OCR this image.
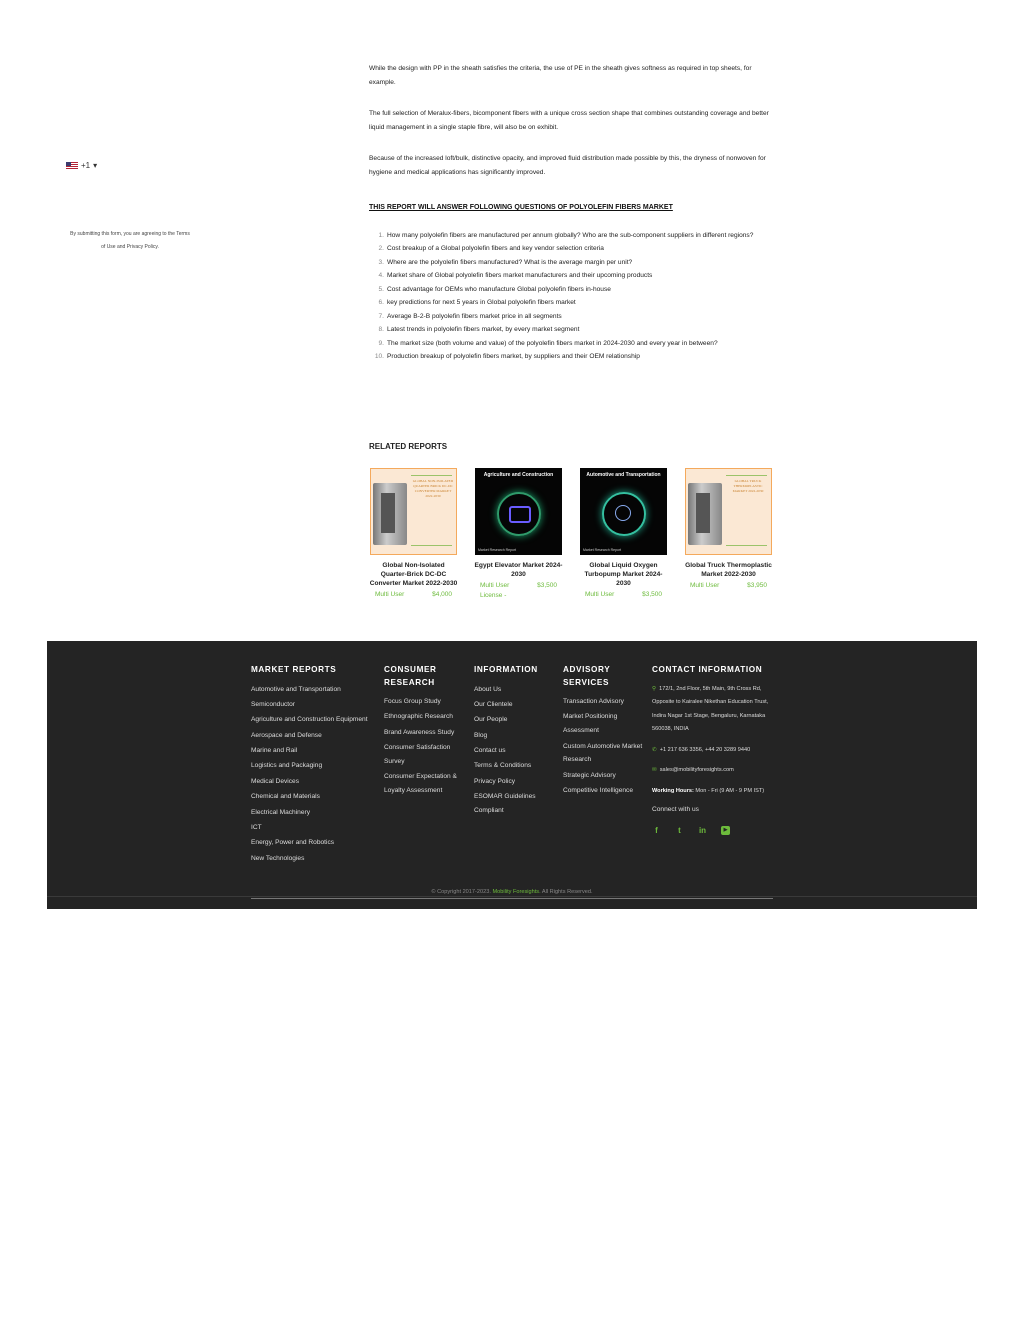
+1 ▾
By submitting this form, you are agreeing to the Terms of Use and Privacy Policy.

While the design with PP in the sheath satisfies the criteria, the use of PE in the sheath gives softness as required in top sheets, for example.

The full selection of Meralux-fibers, bicomponent fibers with a unique cross section shape that combines outstanding coverage and better liquid management in a single staple fibre, will also be on exhibit.

Because of the increased loft/bulk, distinctive opacity, and improved fluid distribution made possible by this, the dryness of nonwoven for hygiene and medical applications has significantly improved.

THIS REPORT WILL ANSWER FOLLOWING QUESTIONS OF POLYOLEFIN FIBERS MARKET
1. How many polyolefin fibers are manufactured per annum globally? Who are the sub-component suppliers in different regions?
2. Cost breakup of a Global polyolefin fibers and key vendor selection criteria
3. Where are the polyolefin fibers manufactured? What is the average margin per unit?
4. Market share of Global polyolefin fibers market manufacturers and their upcoming products
5. Cost advantage for OEMs who manufacture Global polyolefin fibers in-house
6. key predictions for next 5 years in Global polyolefin fibers market
7. Average B-2-B polyolefin fibers market price in all segments
8. Latest trends in polyolefin fibers market, by every market segment
9. The market size (both volume and value) of the polyolefin fibers market in 2024-2030 and every year in between?
10. Production breakup of polyolefin fibers market, by suppliers and their OEM relationship
RELATED REPORTS
GLOBAL NON-ISOLATED QUARTER BRICK DC-DC CONVERTER MARKET 2022-2030
Global Non-Isolated Quarter-Brick DC-DC Converter Market 2022-2030
Multi User	$4,000
Agriculture and Construction
Market Research Report
Egypt Elevator Market 2024-2030
Multi User	$3,500
License -
Automotive and Transportation
Market Research Report
Global Liquid Oxygen Turbopump Market 2024-2030
Multi User	$3,500
GLOBAL TRUCK THERMOPLASTIC MARKET 2022-2030
Global Truck Thermoplastic Market 2022-2030
Multi User	$3,950
MARKET REPORTS
Automotive and Transportation
Semiconductor
Agriculture and Construction Equipment
Aerospace and Defense
Marine and Rail
Logistics and Packaging
Medical Devices
Chemical and Materials
Electrical Machinery
ICT
Energy, Power and Robotics
New Technologies
CONSUMER RESEARCH
Focus Group Study
Ethnographic Research
Brand Awareness Study
Consumer Satisfaction Survey
Consumer Expectation & Loyalty Assessment
INFORMATION
About Us
Our Clientele
Our People
Blog
Contact us
Terms & Conditions
Privacy Policy
ESOMAR Guidelines Compliant
ADVISORY SERVICES
Transaction Advisory
Market Positioning Assessment
Custom Automotive Market Research
Strategic Advisory
Competitive Intelligence
CONTACT INFORMATION
⚲ 172/1, 2nd Floor, 5th Main, 9th Cross Rd, Opposite to Kairalee Nikethan Education Trust, Indira Nagar 1st Stage, Bengaluru, Karnataka 560038, INDIA
✆ +1 217 636 3356, +44 20 3289 9440
✉ sales@mobilityforesights.com
Working Hours: Mon - Fri (9 AM - 9 PM IST)
Connect with us
f	t	in	▶
© Copyright 2017-2023. Mobility Foresights. All Rights Reserved.
